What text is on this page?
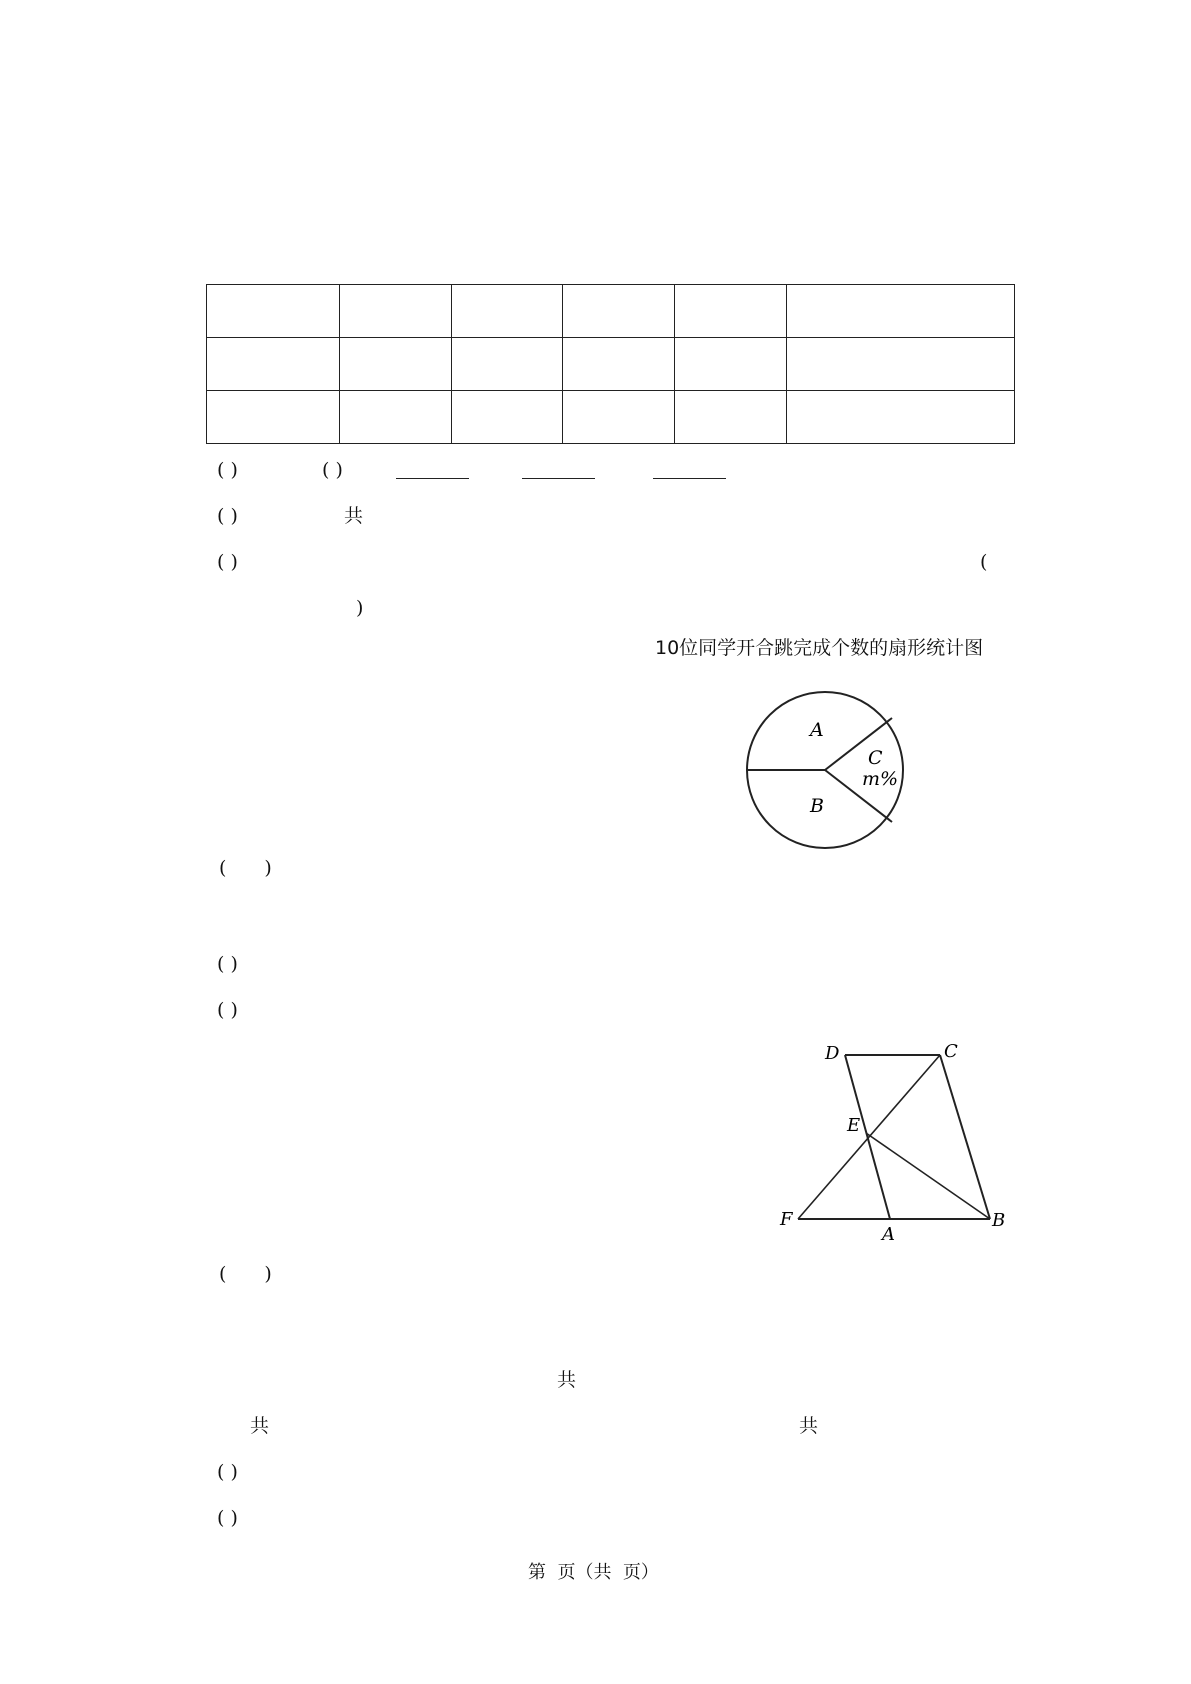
( )	( )
( )	共
( )	(
)
10位同学开合跳完成个数的扇形统计图
A
B
C
m%
(　　)
( )
( )
D	C
E
F
A
B
(　　)
共
共	共
( )
( )
第  页（共  页）
